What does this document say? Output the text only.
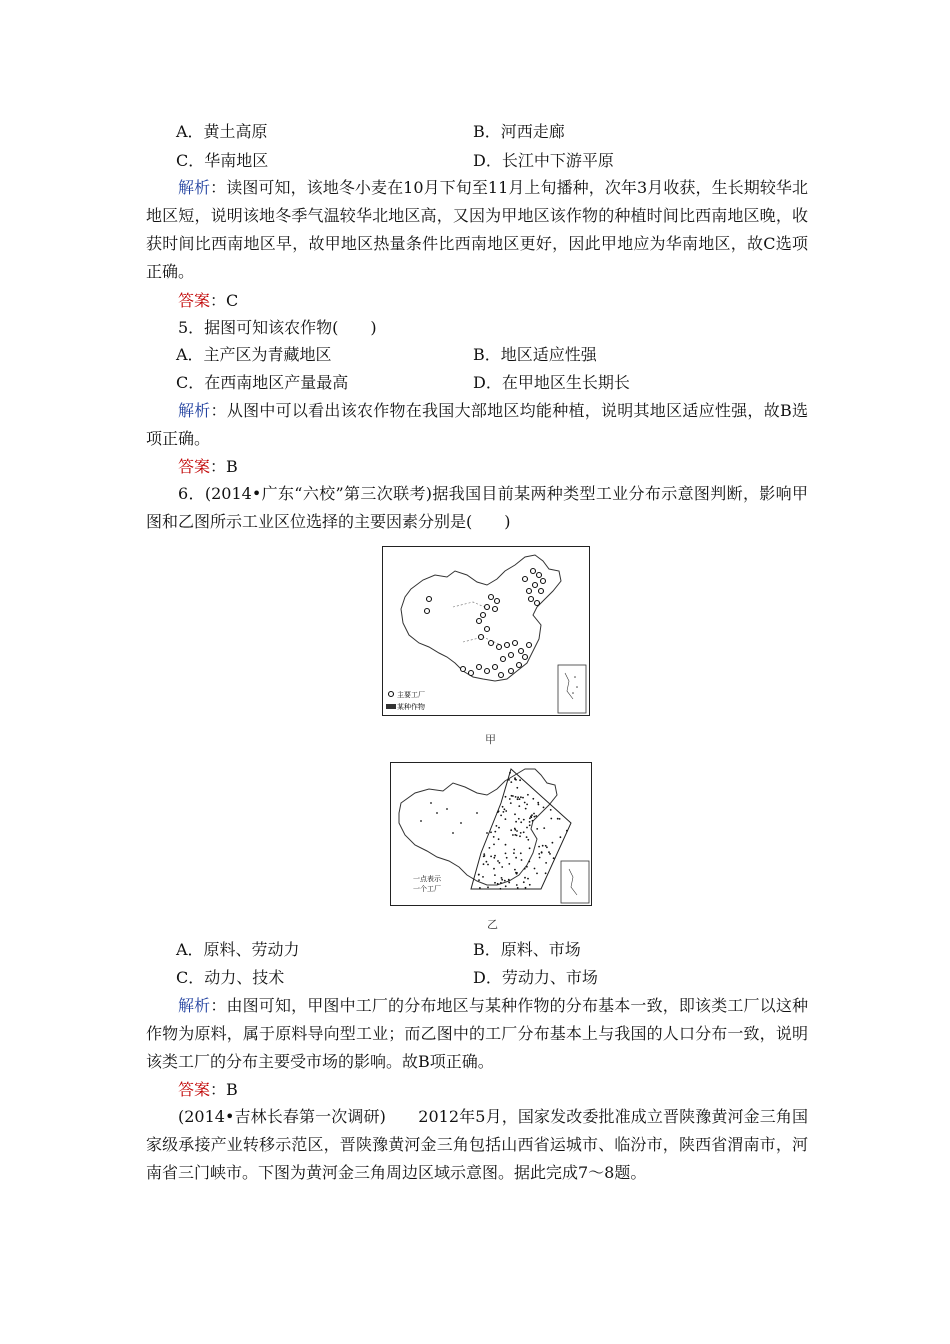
A．黄土高原	B．河西走廊
C．华南地区	D．长江中下游平原
解析：读图可知，该地冬小麦在10月下旬至11月上旬播种，次年3月收获，生长期较华北地区短，说明该地冬季气温较华北地区高，又因为甲地区该作物的种植时间比西南地区晚，收获时间比西南地区早，故甲地区热量条件比西南地区更好，因此甲地应为华南地区，故C选项正确。
答案：C
5．据图可知该农作物(　　)
A．主产区为青藏地区	B．地区适应性强
C．在西南地区产量最高	D．在甲地区生长期长
解析：从图中可以看出该农作物在我国大部地区均能种植，说明其地区适应性强，故B选项正确。
答案：B
6．(2014•广东“六校”第三次联考)据我国目前某两种类型工业分布示意图判断，影响甲图和乙图所示工业区位选择的主要因素分别是(　　)
主要工厂
某种作物
甲
一点表示
一个工厂
乙
A．原料、劳动力	B．原料、市场
C．动力、技术	D．劳动力、市场
解析：由图可知，甲图中工厂的分布地区与某种作物的分布基本一致，即该类工厂以这种作物为原料，属于原料导向型工业；而乙图中的工厂分布基本上与我国的人口分布一致，说明该类工厂的分布主要受市场的影响。故B项正确。
答案：B
(2014•吉林长春第一次调研)　　2012年5月，国家发改委批准成立晋陕豫黄河金三角国家级承接产业转移示范区，晋陕豫黄河金三角包括山西省运城市、临汾市，陕西省渭南市，河南省三门峡市。下图为黄河金三角周边区域示意图。据此完成7～8题。
